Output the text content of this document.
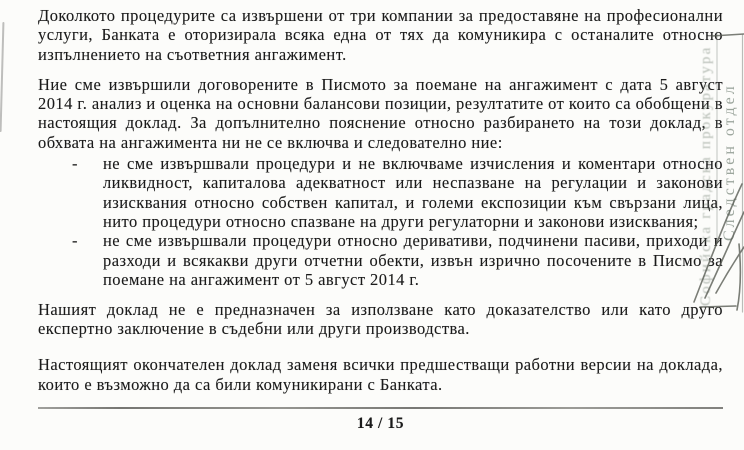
Доколкото процедурите са извършени от три компании за предоставяне на професионални услуги, Банката е оторизирала всяка една от тях да комуникира с останалите относно изпълнението на съответния ангажимент.

Ние сме извършили договорените в Писмото за поемане на ангажимент с дата 5 август 2014 г. анализ и оценка на основни балансови позиции, резултатите от които са обобщени в настоящия доклад. За допълнително пояснение относно разбирането на този доклад, в обхвата на ангажимента ни не се включва и следователно ние:

- не сме извършвали процедури и не включваме изчисления и коментари относно ликвидност, капиталова адекватност или неспазване на регулации и законови изисквания относно собствен капитал, и големи експозиции към свързани лица, нито процедури относно спазване на други регулаторни и законови изисквания;
- не сме извършвали процедури относно деривативи, подчинени пасиви, приходи и разходи и всякакви други отчетни обекти, извън изрично посочените в Писмо за поемане на ангажимент от 5 август 2014 г.

Нашият доклад не е предназначен за използване като доказателство или като друго експертно заключение в съдебни или други производства.

Настоящият окончателен доклад заменя всички предшестващи работни версии на доклада, които е възможно да са били комуникирани с Банката.

14 / 15
Софийска градска прокуратура Следствен отдел
